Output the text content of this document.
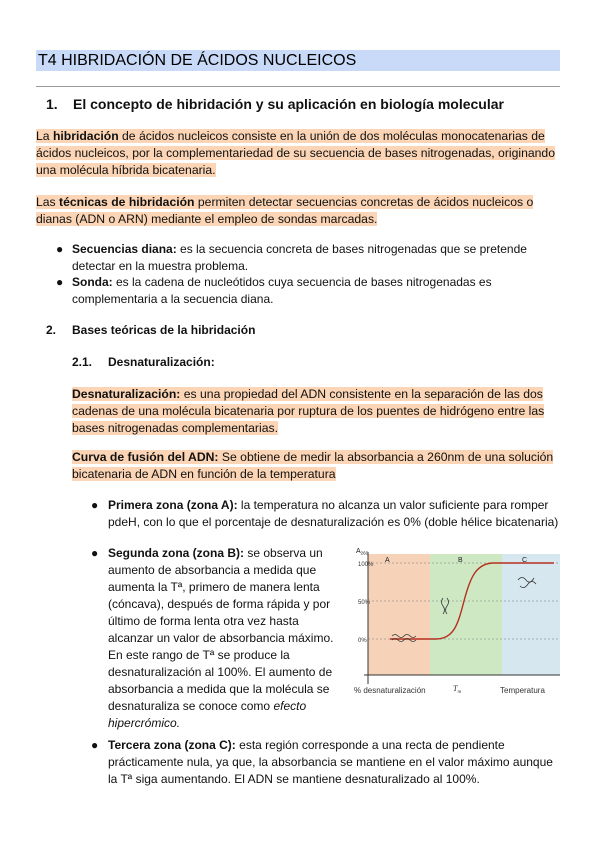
T4 HIBRIDACIÓN DE ÁCIDOS NUCLEICOS
1. El concepto de hibridación y su aplicación en biología molecular
La hibridación de ácidos nucleicos consiste en la unión de dos moléculas monocatenarias de
ácidos nucleicos, por la complementariedad de su secuencia de bases nitrogenadas, originando
una molécula híbrida bicatenaria.
Las técnicas de hibridación permiten detectar secuencias concretas de ácidos nucleicos o
dianas (ADN o ARN) mediante el empleo de sondas marcadas.
● Secuencias diana: es la secuencia concreta de bases nitrogenadas que se pretende
detectar en la muestra problema.
● Sonda: es la cadena de nucleótidos cuya secuencia de bases nitrogenadas es
complementaria a la secuencia diana.
2. Bases teóricas de la hibridación
2.1. Desnaturalización:
Desnaturalización: es una propiedad del ADN consistente en la separación de las dos
cadenas de una molécula bicatenaria por ruptura de los puentes de hidrógeno entre las
bases nitrogenadas complementarias.
Curva de fusión del ADN: Se obtiene de medir la absorbancia a 260nm de una solución
bicatenaria de ADN en función de la temperatura
● Primera zona (zona A): la temperatura no alcanza un valor suficiente para romper
pdeH, con lo que el porcentaje de desnaturalización es 0% (doble hélice bicatenaria)
● Segunda zona (zona B): se observa un
aumento de absorbancia a medida que
aumenta la Tª, primero de manera lenta
(cóncava), después de forma rápida y por
último de forma lenta otra vez hasta
alcanzar un valor de absorbancia máximo.
En este rango de Tª se produce la
desnaturalización al 100%. El aumento de
absorbancia a medida que la molécula se
desnaturaliza se conoce como efecto
hipercrómico.
$A_{260}$
A	B	C
100%
50%
0%
% desnaturalización	$T_m$	Temperatura
● Tercera zona (zona C): esta región corresponde a una recta de pendiente
prácticamente nula, ya que, la absorbancia se mantiene en el valor máximo aunque
la Tª siga aumentando. El ADN se mantiene desnaturalizado al 100%.
